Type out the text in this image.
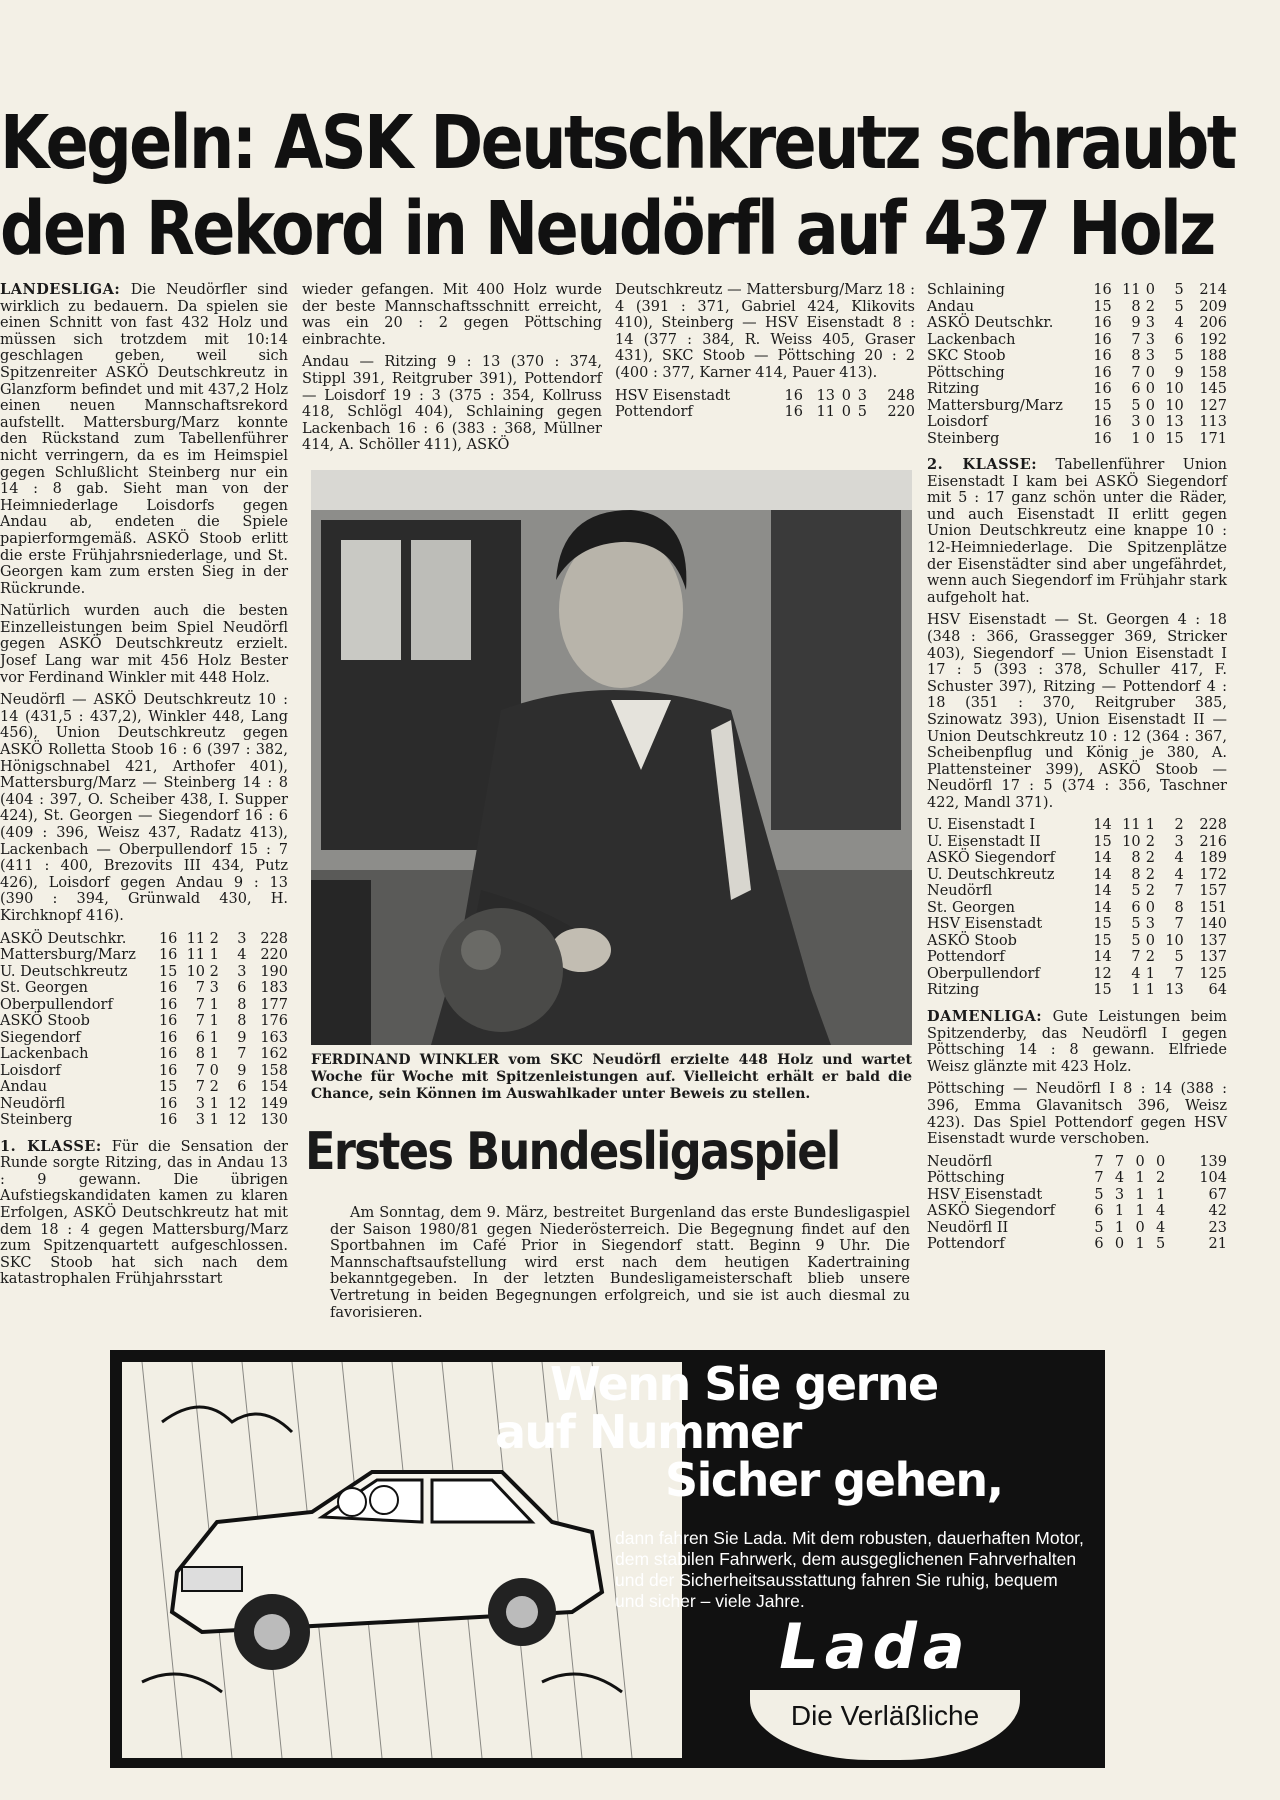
Kegeln: ASK Deutschkreutz schraubt
den Rekord in Neudörfl auf 437 Holz

LANDESLIGA: Die Neudörfler sind wirklich zu bedauern. Da spielen sie einen Schnitt von fast 432 Holz und müssen sich trotzdem mit 10:14 geschlagen geben, weil sich Spitzenreiter ASKÖ Deutschkreutz in Glanzform befindet und mit 437,2 Holz einen neuen Mannschaftsrekord aufstellt. Mattersburg/Marz konnte den Rückstand zum Tabellenführer nicht verringern, da es im Heimspiel gegen Schlußlicht Steinberg nur ein 14 : 8 gab. Sieht man von der Heimniederlage Loisdorfs gegen Andau ab, endeten die Spiele papierformgemäß. ASKÖ Stoob erlitt die erste Frühjahrsniederlage, und St. Georgen kam zum ersten Sieg in der Rückrunde.

Natürlich wurden auch die besten Einzelleistungen beim Spiel Neudörfl gegen ASKÖ Deutschkreutz erzielt. Josef Lang war mit 456 Holz Bester vor Ferdinand Winkler mit 448 Holz.

Neudörfl — ASKÖ Deutschkreutz 10 : 14 (431,5 : 437,2), Winkler 448, Lang 456), Union Deutschkreutz gegen ASKÖ Rolletta Stoob 16 : 6 (397 : 382, Hönigschnabel 421, Arthofer 401), Mattersburg/Marz — Steinberg 14 : 8 (404 : 397, O. Scheiber 438, I. Supper 424), St. Georgen — Siegendorf 16 : 6 (409 : 396, Weisz 437, Radatz 413), Lackenbach — Oberpullendorf 15 : 7 (411 : 400, Brezovits III 434, Putz 426), Loisdorf gegen Andau 9 : 13 (390 : 394, Grünwald 430, H. Kirchknopf 416).

ASKÖ Deutschkr.	16	11	2	3	228
Mattersburg/Marz	16	11	1	4	220
U. Deutschkreutz	15	10	2	3	190
St. Georgen	16	7	3	6	183
Oberpullendorf	16	7	1	8	177
ASKÖ Stoob	16	7	1	8	176
Siegendorf	16	6	1	9	163
Lackenbach	16	8	1	7	162
Loisdorf	16	7	0	9	158
Andau	15	7	2	6	154
Neudörfl	16	3	1	12	149
Steinberg	16	3	1	12	130

1. KLASSE: Für die Sensation der Runde sorgte Ritzing, das in Andau 13 : 9 gewann. Die übrigen Aufstiegskandidaten kamen zu klaren Erfolgen, ASKÖ Deutschkreutz hat mit dem 18 : 4 gegen Mattersburg/Marz zum Spitzenquartett aufgeschlossen. SKC Stoob hat sich nach dem katastrophalen Frühjahrsstart

wieder gefangen. Mit 400 Holz wurde der beste Mannschaftsschnitt erreicht, was ein 20 : 2 gegen Pöttsching einbrachte.

Andau — Ritzing 9 : 13 (370 : 374, Stippl 391, Reitgruber 391), Pottendorf — Loisdorf 19 : 3 (375 : 354, Kollruss 418, Schlögl 404), Schlaining gegen Lackenbach 16 : 6 (383 : 368, Müllner 414, A. Schöller 411), ASKÖ

Deutschkreutz — Mattersburg/Marz 18 : 4 (391 : 371, Gabriel 424, Klikovits 410), Steinberg — HSV Eisenstadt 8 : 14 (377 : 384, R. Weiss 405, Graser 431), SKC Stoob — Pöttsching 20 : 2 (400 : 377, Karner 414, Pauer 413).

HSV Eisenstadt	16	13	0	3	248
Pottendorf	16	11	0	5	220
Schlaining	16	11	0	5	214
Andau	15	8	2	5	209
ASKÖ Deutschkr.	16	9	3	4	206
Lackenbach	16	7	3	6	192
SKC Stoob	16	8	3	5	188
Pöttsching	16	7	0	9	158
Ritzing	16	6	0	10	145
Mattersburg/Marz	15	5	0	10	127
Loisdorf	16	3	0	13	113
Steinberg	16	1	0	15	171

2. KLASSE: Tabellenführer Union Eisenstadt I kam bei ASKÖ Siegendorf mit 5 : 17 ganz schön unter die Räder, und auch Eisenstadt II erlitt gegen Union Deutschkreutz eine knappe 10 : 12-Heimniederlage. Die Spitzenplätze der Eisenstädter sind aber ungefährdet, wenn auch Siegendorf im Frühjahr stark aufgeholt hat.

HSV Eisenstadt — St. Georgen 4 : 18 (348 : 366, Grassegger 369, Stricker 403), Siegendorf — Union Eisenstadt I 17 : 5 (393 : 378, Schuller 417, F. Schuster 397), Ritzing — Pottendorf 4 : 18 (351 : 370, Reitgruber 385, Szinowatz 393), Union Eisenstadt II — Union Deutschkreutz 10 : 12 (364 : 367, Scheibenpflug und König je 380, A. Plattensteiner 399), ASKÖ Stoob — Neudörfl 17 : 5 (374 : 356, Taschner 422, Mandl 371).

U. Eisenstadt I	14	11	1	2	228
U. Eisenstadt II	15	10	2	3	216
ASKÖ Siegendorf	14	8	2	4	189
U. Deutschkreutz	14	8	2	4	172
Neudörfl	14	5	2	7	157
St. Georgen	14	6	0	8	151
HSV Eisenstadt	15	5	3	7	140
ASKÖ Stoob	15	5	0	10	137
Pottendorf	14	7	2	5	137
Oberpullendorf	12	4	1	7	125
Ritzing	15	1	1	13	64

DAMENLIGA: Gute Leistungen beim Spitzenderby, das Neudörfl I gegen Pöttsching 14 : 8 gewann. Elfriede Weisz glänzte mit 423 Holz.

Pöttsching — Neudörfl I 8 : 14 (388 : 396, Emma Glavanitsch 396, Weisz 423). Das Spiel Pottendorf gegen HSV Eisenstadt wurde verschoben.

Neudörfl	7	7	0	0	139
Pöttsching	7	4	1	2	104
HSV Eisenstadt	5	3	1	1	67
ASKÖ Siegendorf	6	1	1	4	42
Neudörfl II	5	1	0	4	23
Pottendorf	6	0	1	5	21
FERDINAND WINKLER vom SKC Neudörfl erzielte 448 Holz und wartet Woche für Woche mit Spitzenleistungen auf. Vielleicht erhält er bald die Chance, sein Können im Auswahlkader unter Beweis zu stellen.
Erstes Bundesligaspiel
Am Sonntag, dem 9. März, bestreitet Burgenland das erste Bundesligaspiel der Saison 1980/81 gegen Niederösterreich. Die Begegnung findet auf den Sportbahnen im Café Prior in Siegendorf statt. Beginn 9 Uhr. Die Mannschaftsaufstellung wird erst nach dem heutigen Kadertraining bekanntgegeben. In der letzten Bundesligameisterschaft blieb unsere Vertretung in beiden Begegnungen erfolgreich, und sie ist auch diesmal zu favorisieren.
Wenn Sie gerne
auf Nummer
Sicher gehen,
dann fahren Sie Lada. Mit dem robusten, dauerhaften Motor, dem stabilen Fahrwerk, dem ausgeglichenen Fahrverhalten und der Sicherheitsausstattung fahren Sie ruhig, bequem und sicher – viele Jahre.
Lada
Die Verläßliche
